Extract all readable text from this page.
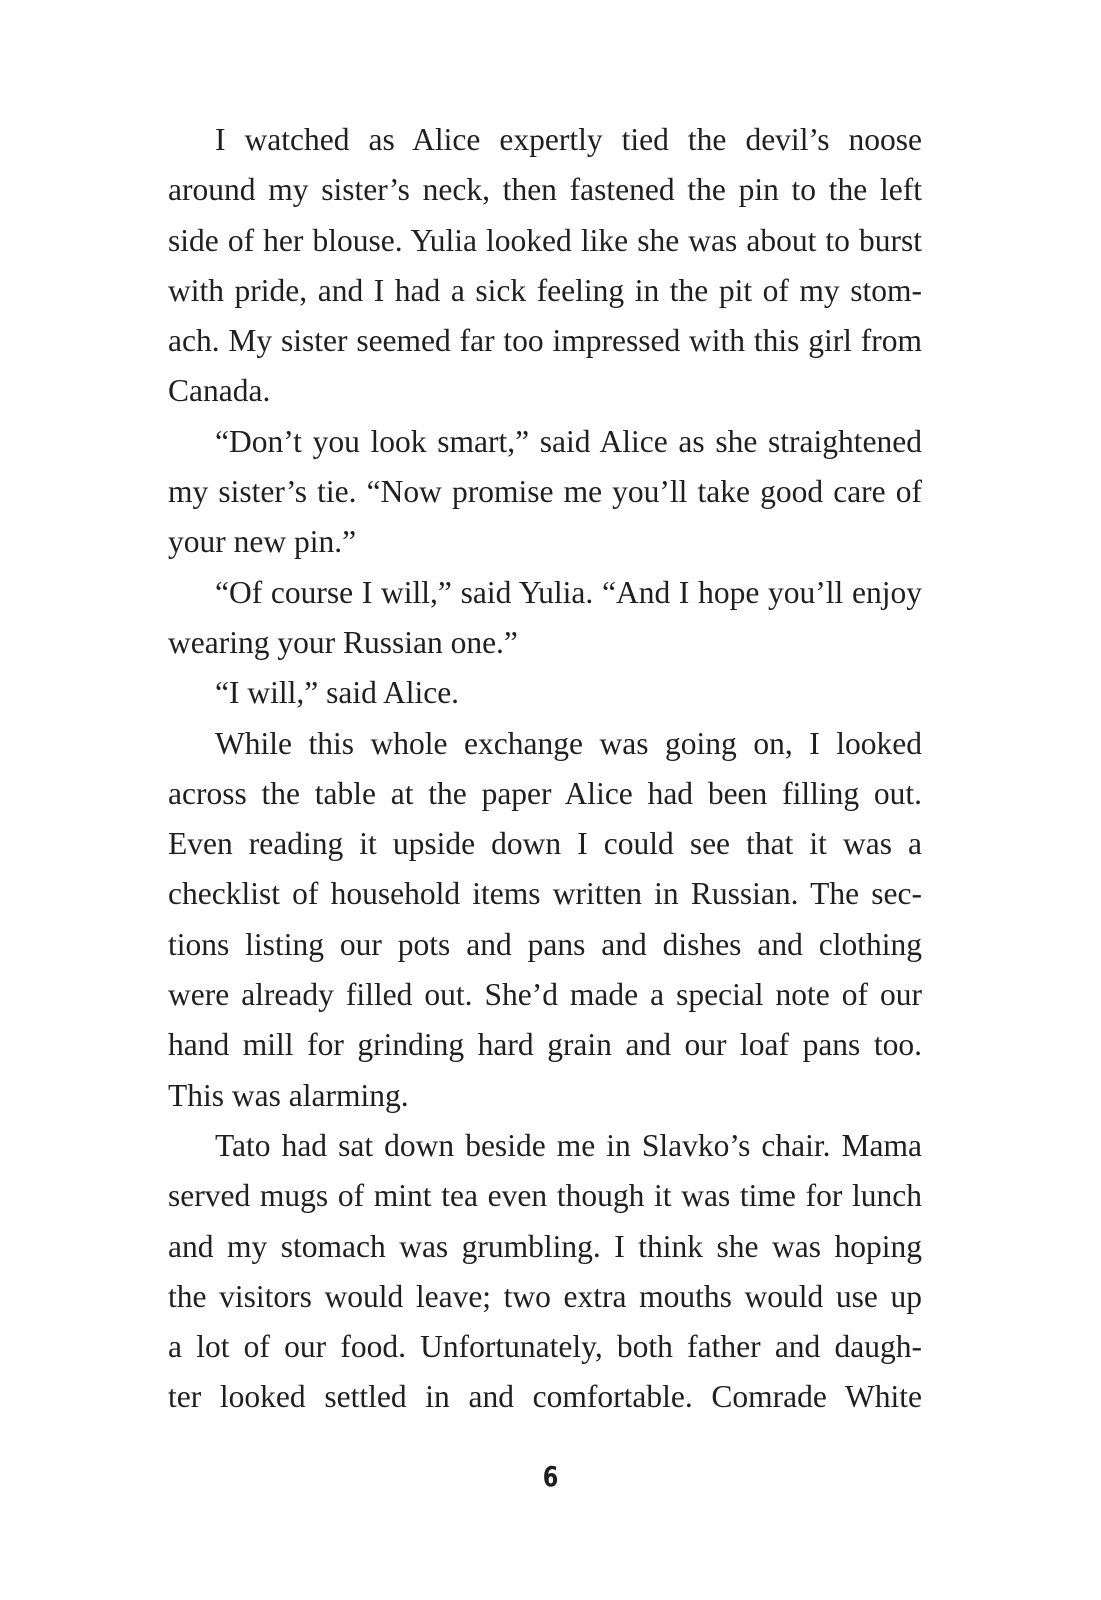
I watched as Alice expertly tied the devil’s noose
around my sister’s neck, then fastened the pin to the left
side of her blouse. Yulia looked like she was about to burst
with pride, and I had a sick feeling in the pit of my stom-
ach. My sister seemed far too impressed with this girl from
Canada.
“Don’t you look smart,” said Alice as she straightened
my sister’s tie. “Now promise me you’ll take good care of
your new pin.”
“Of course I will,” said Yulia. “And I hope you’ll enjoy
wearing your Russian one.”
“I will,” said Alice.
While this whole exchange was going on, I looked
across the table at the paper Alice had been filling out.
Even reading it upside down I could see that it was a
checklist of household items written in Russian. The sec-
tions listing our pots and pans and dishes and clothing
were already filled out. She’d made a special note of our
hand mill for grinding hard grain and our loaf pans too.
This was alarming.
Tato had sat down beside me in Slavko’s chair. Mama
served mugs of mint tea even though it was time for lunch
and my stomach was grumbling. I think she was hoping
the visitors would leave; two extra mouths would use up
a lot of our food. Unfortunately, both father and daugh-
ter looked settled in and comfortable. Comrade White
6
